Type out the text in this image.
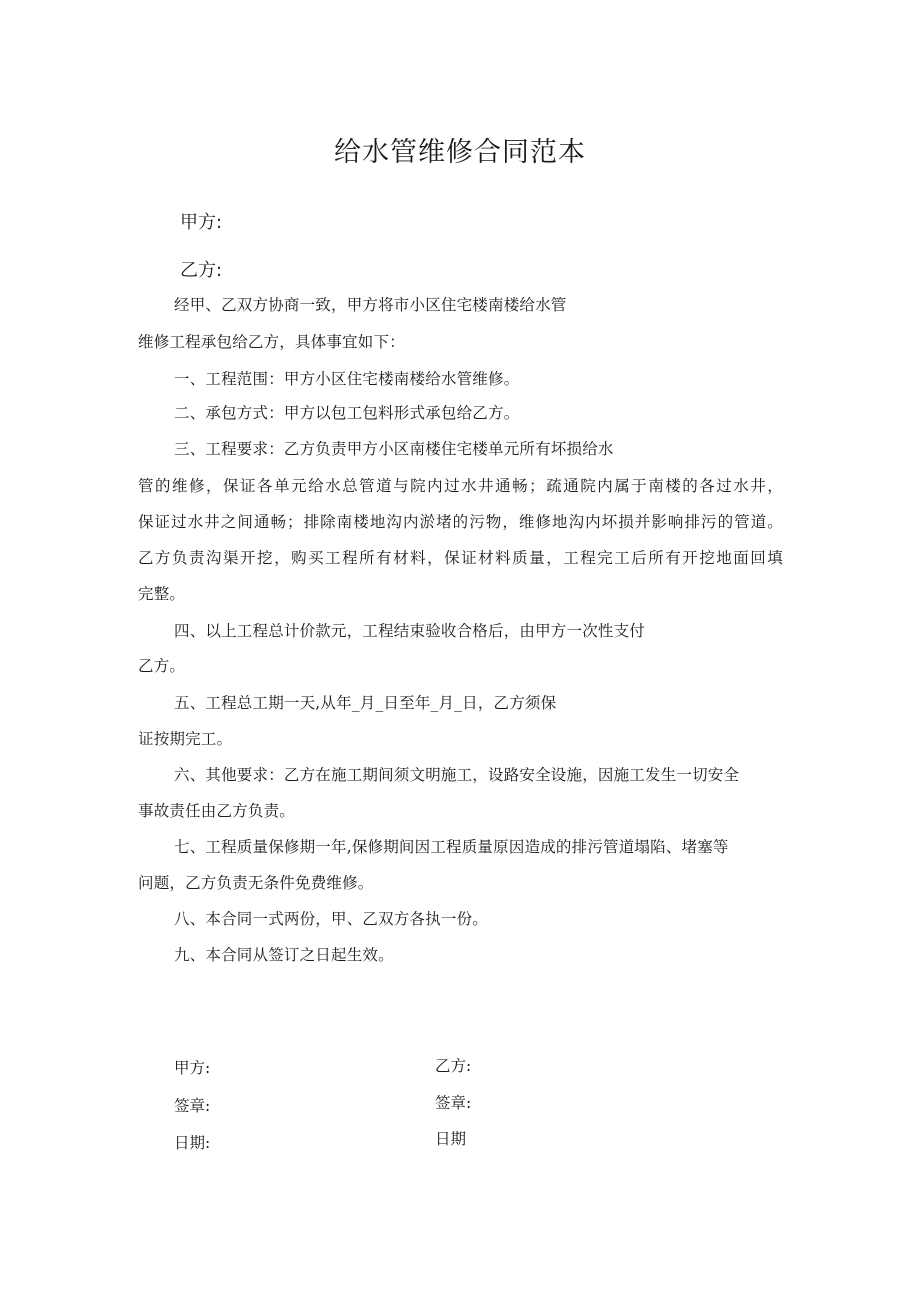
给水管维修合同范本
甲方:
乙方:
经甲、乙双方协商一致，甲方将市小区住宅楼南楼给水管
维修工程承包给乙方，具体事宜如下：
一、工程范围：甲方小区住宅楼南楼给水管维修。
二、承包方式：甲方以包工包料形式承包给乙方。
三、工程要求：乙方负责甲方小区南楼住宅楼单元所有坏损给水
管的维修，保证各单元给水总管道与院内过水井通畅；疏通院内属于南楼的各过水井，
保证过水井之间通畅；排除南楼地沟内淤堵的污物，维修地沟内坏损并影响排污的管道。
乙方负责沟渠开挖，购买工程所有材料，保证材料质量，工程完工后所有开挖地面回填
完整。
四、以上工程总计价款元，工程结束验收合格后，由甲方一次性支付
乙方。
五、工程总工期一天,从年_月_日至年_月_日，乙方须保
证按期完工。
六、其他要求：乙方在施工期间须文明施工，设路安全设施，因施工发生一切安全
事故责任由乙方负责。
七、工程质量保修期一年,保修期间因工程质量原因造成的排污管道塌陷、堵塞等
问题，乙方负责无条件免费维修。
八、本合同一式两份，甲、乙双方各执一份。
九、本合同从签订之日起生效。
甲方:
签章:
日期:
乙方:
签章:
日期
